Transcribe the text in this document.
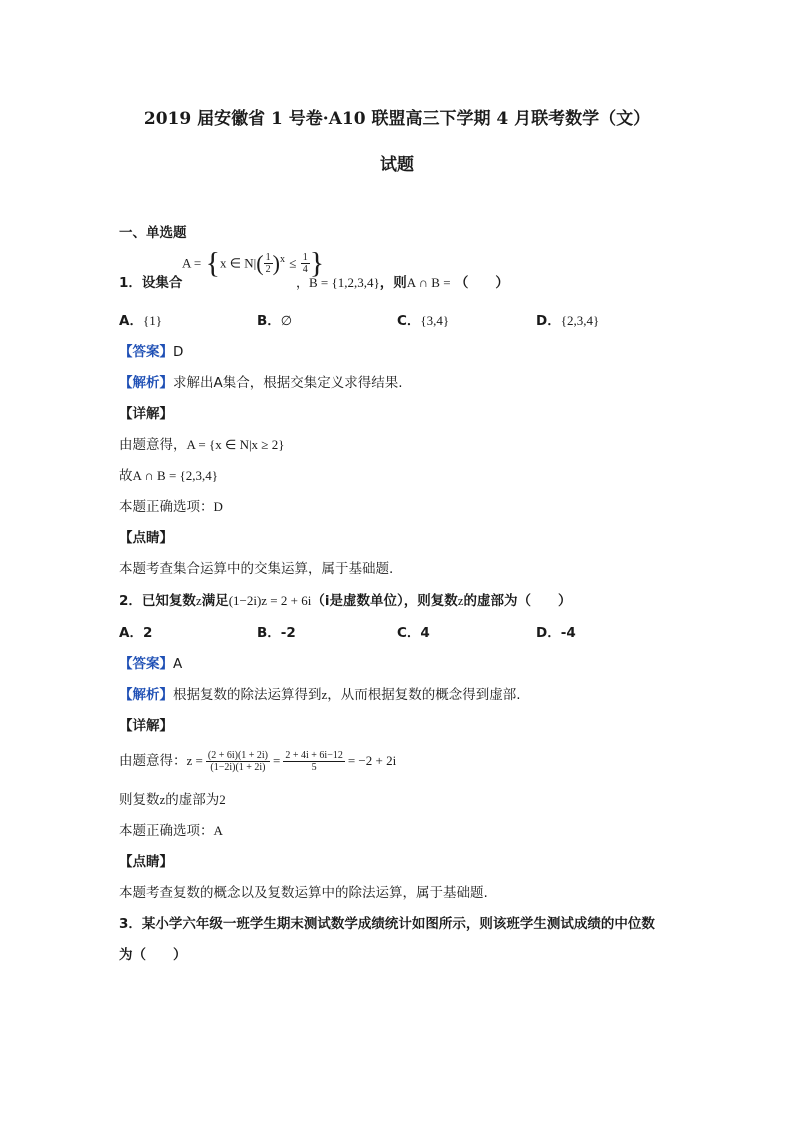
2019 届安徽省 1 号卷·A10 联盟高三下学期 4 月联考数学（文）
试题
一、单选题
1．设集合
A = {x ∈ $N|( \frac{1}{2} )^x \le \frac{1}{4}$ }
，B = {1,2,3,4}，则A ∩ B = （　　）
A．{1}	B．∅	C．{3,4}	D．{2,3,4}
【答案】D
【解析】求解出A集合，根据交集定义求得结果.
【详解】
由题意得，A = {x ∈ N|x ≥ 2}
故A ∩ B = {2,3,4}
本题正确选项：D
【点睛】
本题考查集合运算中的交集运算，属于基础题.
2．已知复数z满足(1−2i)z = 2 + 6i（i是虚数单位），则复数z的虚部为（　　）
A．2	B．-2	C．4	D．-4
【答案】A
【解析】根据复数的除法运算得到z，从而根据复数的概念得到虚部.
【详解】
由题意得： $z = \frac{(2 + 6i)(1 + 2i)}{(1-2i)(1 + 2i)} = \frac{2 + 4i + 6i-12}{5} = -2 + 2i$
则复数z的虚部为2
本题正确选项：A
【点睛】
本题考查复数的概念以及复数运算中的除法运算，属于基础题.
3．某小学六年级一班学生期末测试数学成绩统计如图所示，则该班学生测试成绩的中位数
为（　　）
